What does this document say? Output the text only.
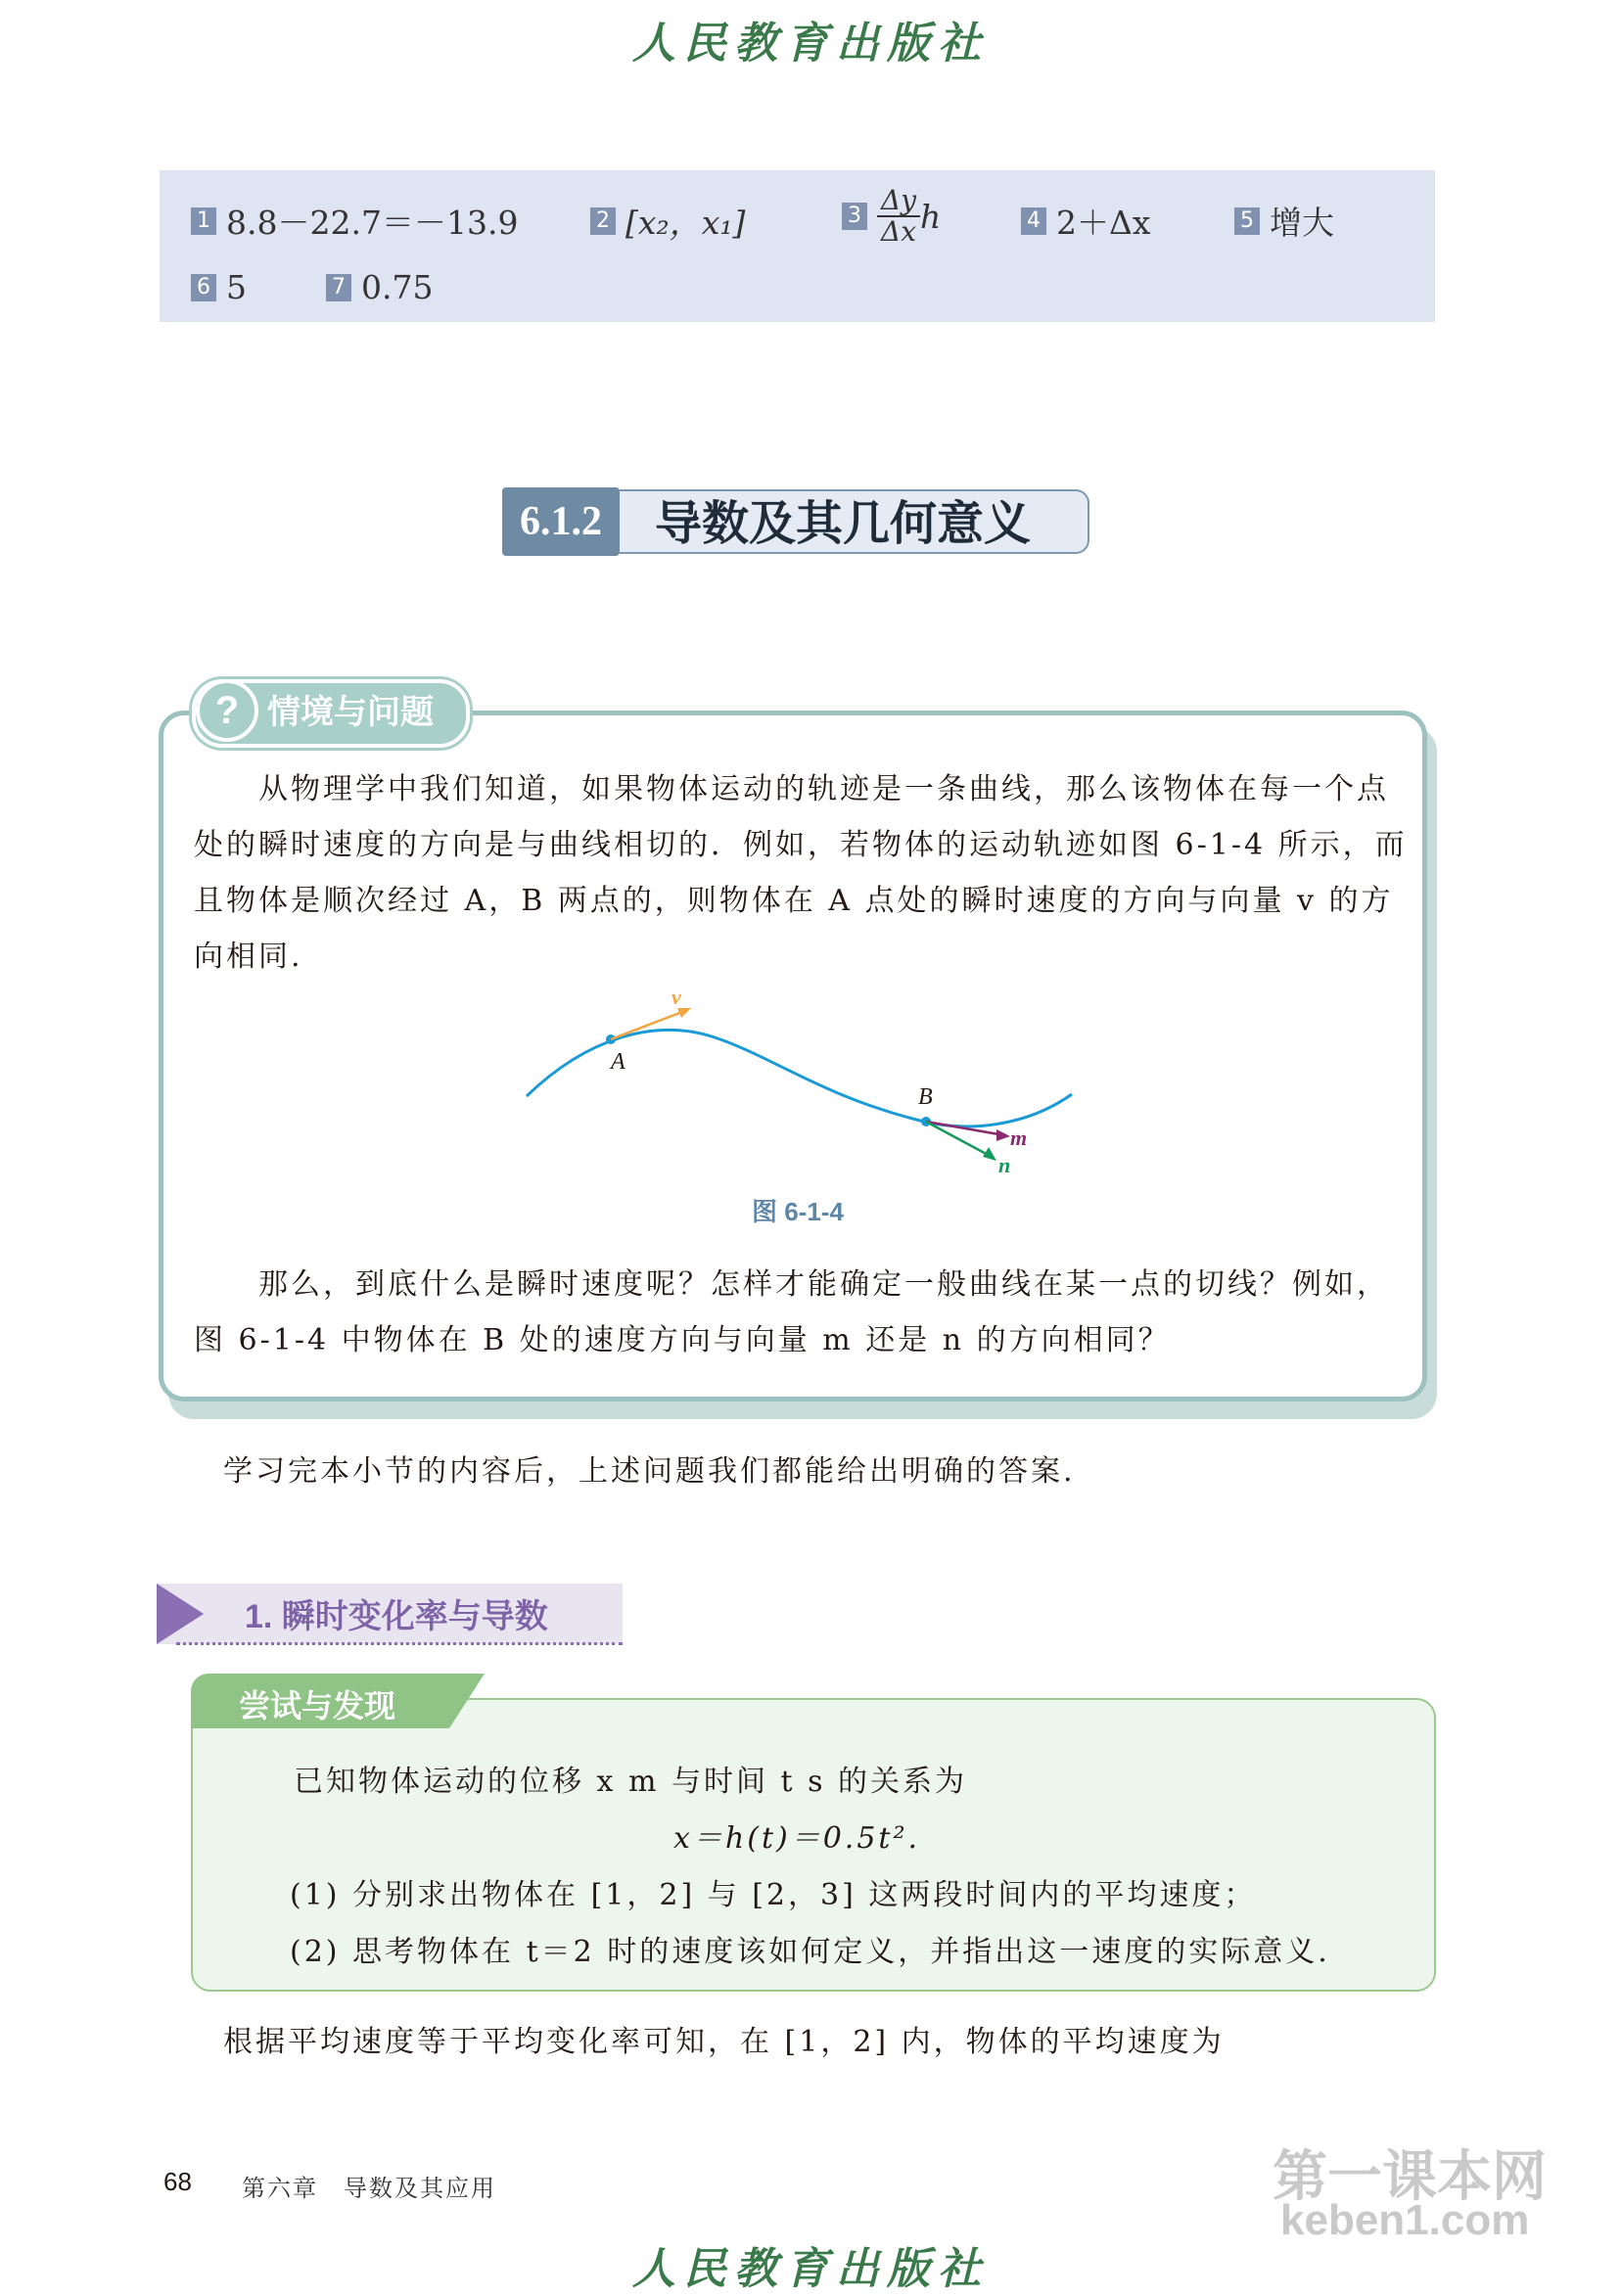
人民教育出版社
1 8.8－22.7＝－13.9	2 [x₂，x₁]	$3 \frac{\Delta y}{\Delta x}$ h	4 2＋Δx	5 增大
6 5	7 0.75
导数及其几何意义
6.1.2
? 情境与问题
从物理学中我们知道，如果物体运动的轨迹是一条曲线，那么该物体在每一个点
处的瞬时速度的方向是与曲线相切的．例如，若物体的运动轨迹如图 6-1-4 所示，而
且物体是顺次经过 A，B 两点的，则物体在 A 点处的瞬时速度的方向与向量 v 的方
向相同.
A
B
v
m
n
图 6-1-4
那么，到底什么是瞬时速度呢？怎样才能确定一般曲线在某一点的切线？例如，
图 6-1-4 中物体在 B 处的速度方向与向量 m 还是 n 的方向相同？
学习完本小节的内容后，上述问题我们都能给出明确的答案.
1. 瞬时变化率与导数
尝试与发现
已知物体运动的位移 x m 与时间 t s 的关系为
x＝h(t)＝0.5t².
(1) 分别求出物体在 [1，2] 与 [2，3] 这两段时间内的平均速度；
(2) 思考物体在 t＝2 时的速度该如何定义，并指出这一速度的实际意义.
根据平均速度等于平均变化率可知，在 [1，2] 内，物体的平均速度为
68 第六章　导数及其应用	第一课本网
keben1.com
人民教育出版社
